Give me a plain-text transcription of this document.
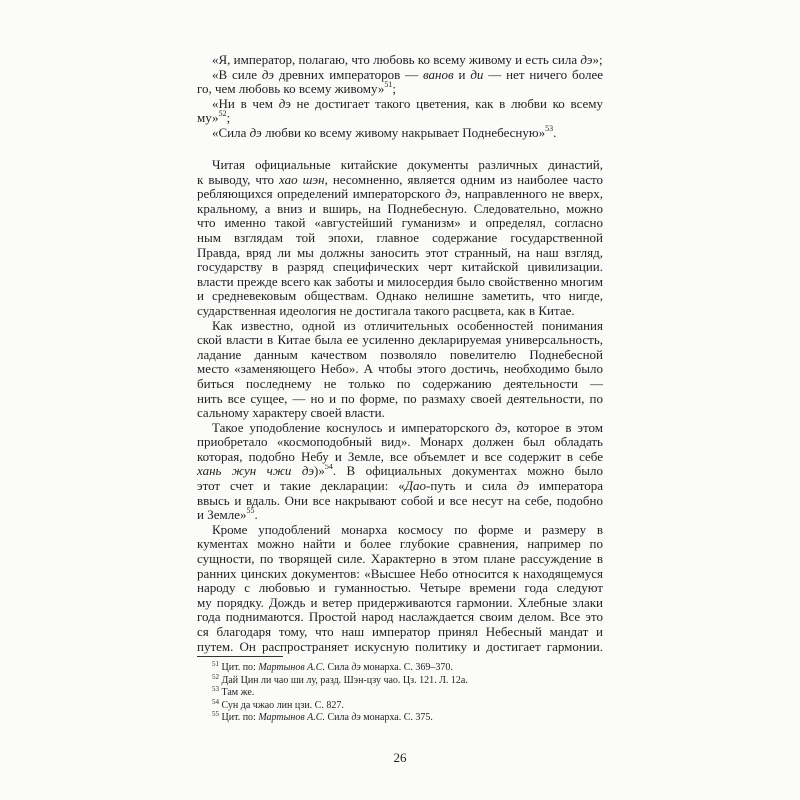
«Я, император, полагаю, что любовь ко всему живому и есть сила дэ»;
«В силе дэ древних императоров — ванов и ди — нет ничего более
го, чем любовь ко всему живому»$^{51}$;
«Ни в чем дэ не достигает такого цветения, как в любви ко всему
му»$^{52}$;
«Сила дэ любви ко всему живому накрывает Поднебесную»$^{53}$.
Читая официальные китайские документы различных династий,
к выводу, что хао шэн, несомненно, является одним из наиболее часто
ребляющихся определений императорского дэ, направленного не вверх,
кральному, а вниз и вширь, на Поднебесную. Следовательно, можно
что именно такой «августейший гуманизм» и определял, согласно
ным взглядам той эпохи, главное содержание государственной
Правда, вряд ли мы должны заносить этот странный, на наш взгляд,
государству в разряд специфических черт китайской цивилизации.
власти прежде всего как заботы и милосердия было свойственно многим
и средневековым обществам. Однако нелишне заметить, что нигде,
сударственная идеология не достигала такого расцвета, как в Китае.
Как известно, одной из отличительных особенностей понимания
ской власти в Китае была ее усиленно декларируемая универсальность,
ладание данным качеством позволяло повелителю Поднебесной
место «заменяющего Небо». А чтобы этого достичь, необходимо было
биться последнему не только по содержанию деятельности —
нить все сущее, — но и по форме, по размаху своей деятельности, по
сальному характеру своей власти.
Такое уподобление коснулось и императорского дэ, которое в этом
приобретало «космоподобный вид». Монарх должен был обладать
которая, подобно Небу и Земле, все объемлет и все содержит в себе
хань жун чжи дэ)»$^{54}$. В официальных документах можно было
этот счет и такие декларации: «Дао-путь и сила дэ императора
ввысь и вдаль. Они все накрывают собой и все несут на себе, подобно
и Земле»$^{55}$.
Кроме уподоблений монарха космосу по форме и размеру в
кументах можно найти и более глубокие сравнения, например по
сущности, по творящей силе. Характерно в этом плане рассуждение в
ранних цинских документов: «Высшее Небо относится к находящемуся
народу с любовью и гуманностью. Четыре времени года следуют
му порядку. Дождь и ветер придерживаются гармонии. Хлебные злаки
года поднимаются. Простой народ наслаждается своим делом. Все это
ся благодаря тому, что наш император принял Небесный мандат и
путем. Он распространяет искусную политику и достигает гармонии.
$^{51}$ Цит. по: Мартынов А.С. Сила дэ монарха. С. 369–370.
$^{52}$ Дай Цин ли чао ши лу, разд. Шэн-цзу чао. Цз. 121. Л. 12а.
$^{53}$ Там же.
$^{54}$ Сун да чжао лин цзи. С. 827.
$^{55}$ Цит. по: Мартынов А.С. Сила дэ монарха. С. 375.
26
